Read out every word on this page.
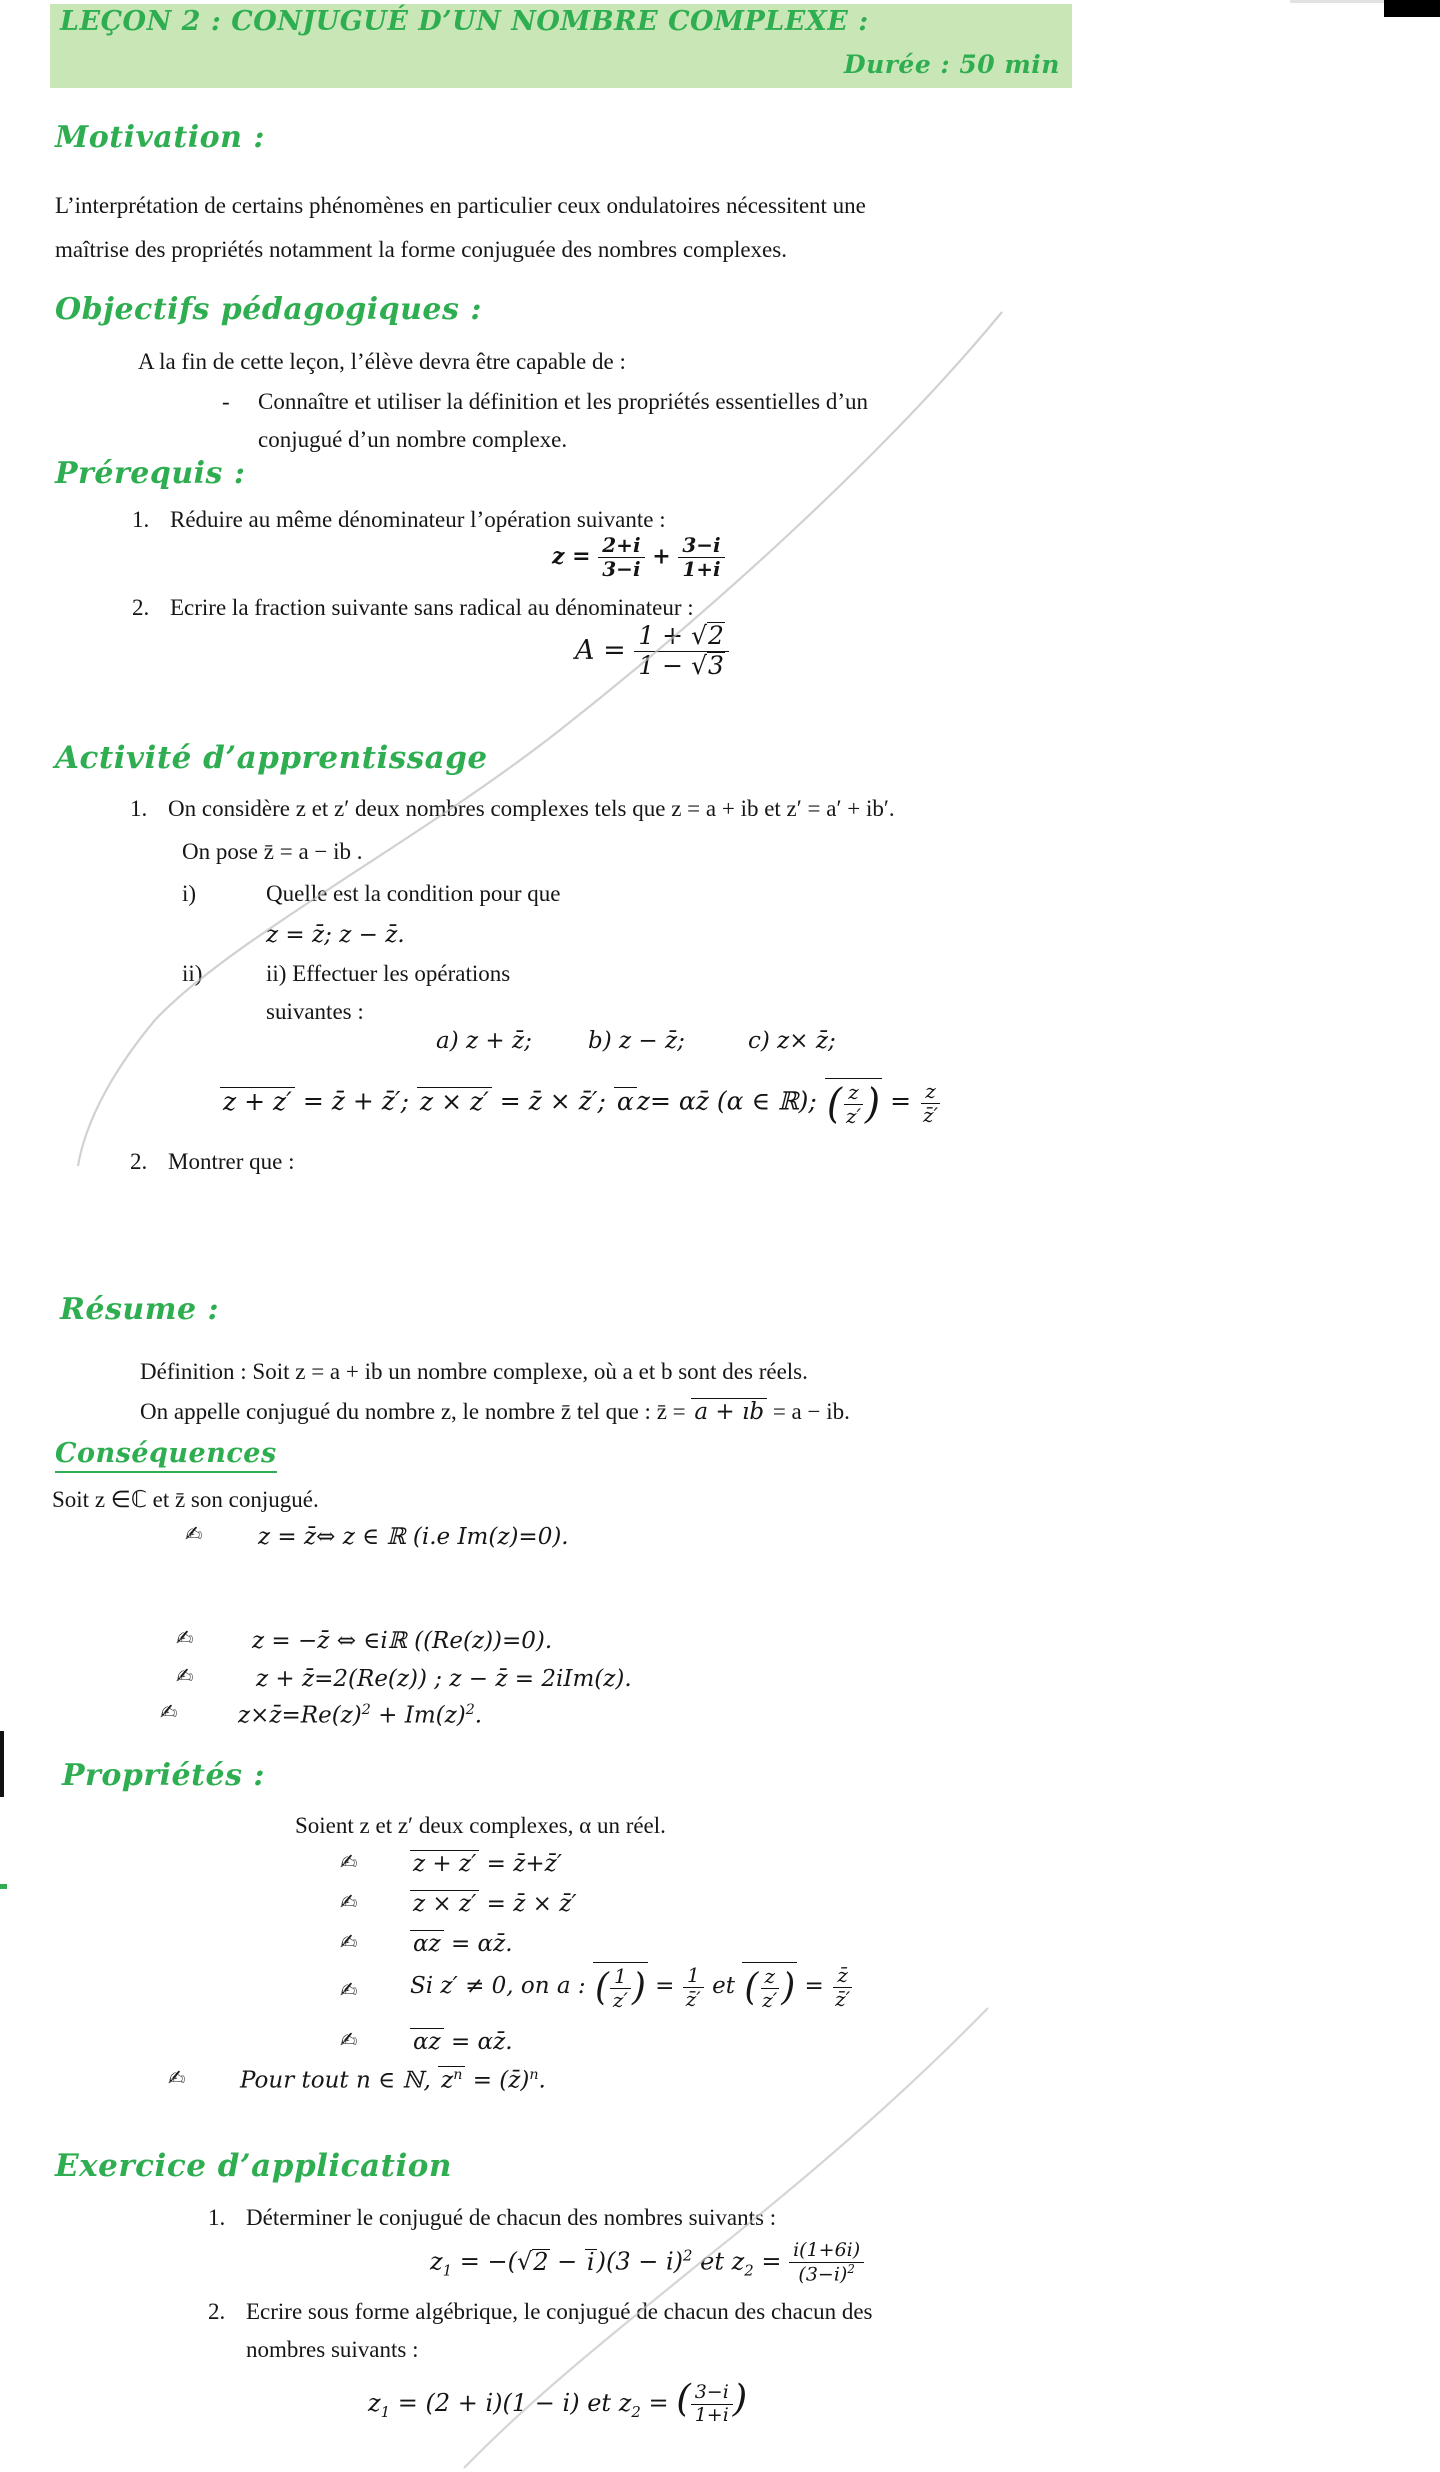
LEÇON 2 : CONJUGUÉ D’UN NOMBRE COMPLEXE :
Durée : 50 min
Motivation :
L’interprétation de certains phénomènes en particulier ceux ondulatoires nécessitent une
maîtrise des propriétés notamment la forme conjuguée des nombres complexes.
Objectifs pédagogiques :
A la fin de cette leçon, l’élève devra être capable de :
- Connaître et utiliser la définition et les propriétés essentielles d’un
conjugué d’un nombre complexe.
Prérequis :
1. Réduire au même dénominateur l’opération suivante :
$z = \frac{2+i}{3-i} + \frac{3-i}{1+i}$
2. Ecrire la fraction suivante sans radical au dénominateur :
$A = \frac{1 + √2}{1 - √3}$
Activité d’apprentissage
1. On considère z et z′ deux nombres complexes tels que z = a + ib et z′ = a′ + ib′.
On pose z̄ = a − ib .
i)	Quelle est la condition pour que
z = z̄; z − z̄.
ii)	ii) Effectuer les opérations
suivantes :
a) z + z̄; b) z − z̄;	c) z× z̄;
z + z′ = z̄ + z̄′; z × z′ = z̄ × z̄′; αz= αz̄ (α ∈ ℝ); ( $\frac{z}{z'}$ ) = $\frac{z}{z̄'}$
2. Montrer que :
Résume :
Définition : Soit z = a + ib un nombre complexe, où a et b sont des réels.
On appelle conjugué du nombre z, le nombre z̄ tel que : z̄ = a + ıb = a − ib.
Conséquences
Soit z ∈ℂ et z̄ son conjugué.
✍ z = z̄⇔ z ∈ ℝ (i.e Im(z)=0).
✍	z = −z̄ ⇔ ∈iℝ ((Re(z))=0).
✍	z + z̄=2(Re(z)) ; z − z̄ = 2iIm(z).
✍	$z\times z̄=Re(z)^2 + Im(z)^2$.
Propriétés :
Soient z et z′ deux complexes, α un réel.
✍ z + z′ = z̄+z̄′
✍ z × z′ = z̄ × z̄′
✍ αz = αz̄.
✍ Si z′ ≠ 0, on a : ( $\frac{1}{z'}$ ) = $\frac{1}{z̄'}$ et ( $\frac{z}{z'}$ ) = $\frac{z̄}{z̄'}$
✍ αz = αz̄.
✍ Pour tout n ∈ ℕ, $z^n$ = (z̄)$^n$.
Exercice d’application
1. Déterminer le conjugué de chacun des nombres suivants :
$z_1 = -(√2 - i)(3 - i)^2$ et $z_2 = \frac{i(1+6i)}{(3-i)^2}$
2. Ecrire sous forme algébrique, le conjugué de chacun des chacun des
nombres suivants :
$z_1 = (2 + i)(1 - i)$ et $z_2$ = ( $\frac{3-i}{1+i}$ )
